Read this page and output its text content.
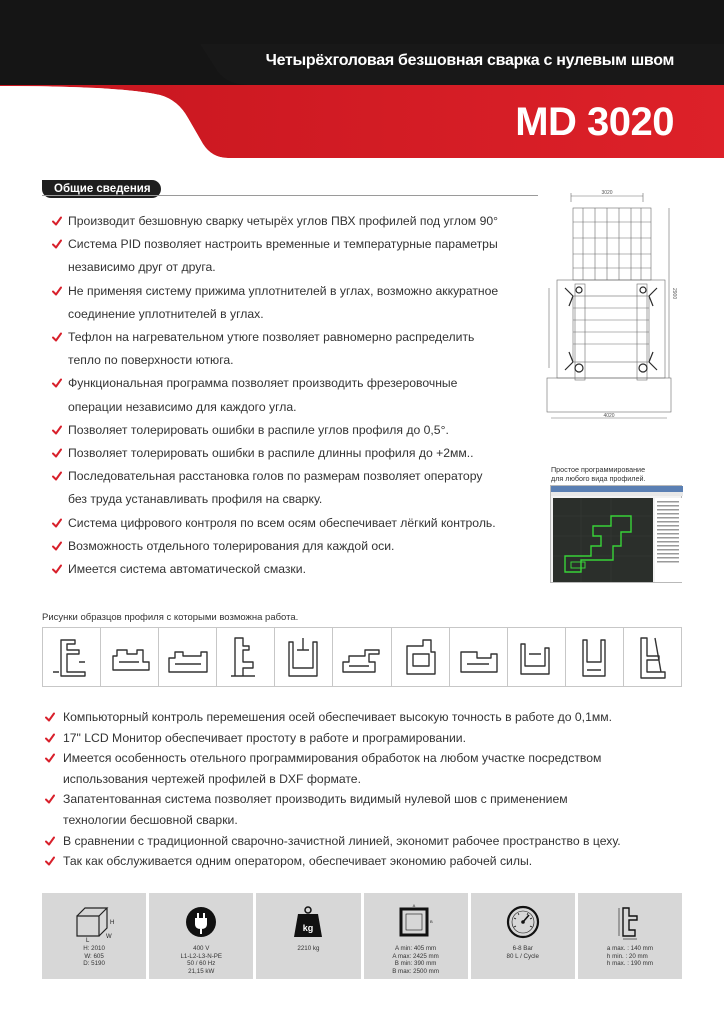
Четырёхголовая безшовная сварка с нулевым швом
MD 3020
Общие сведения
Производит безшовную сварку четырёх углов ПВХ профилей под углом 90°
Система PID позволяет настроить временные и температурные параметры
независимо друг от друга.
Не применяя систему прижима уплотнителей в углах, возможно аккуратное
соединение уплотнителей в углах.
Тефлон на нагревательном утюге позволяет равномерно распределить
тепло по поверхности ютюга.
Функциональная программа позволяет производить фрезеровочные
операции независимо для каждого угла.
Позволяет толерировать ошибки в распиле углов профиля до 0,5°.
Позволяет толерировать ошибки в распиле длинны профиля до +2мм..
Последовательная расстановка голов по размерам позволяет оператору
без труда устанавливать профиля на сварку.
Система цифрового контроля по всем осям обеспечивает лёгкий контроль.
Возможность отдельного толерирования для каждой оси.
Имеется система автоматической смазки.
3020
2900
4020
Простое программирование
для любого вида профилей.
Рисунки образцов профиля с которыми возможна работа.
Компьюторный контроль перемешения осей обеспечивает высокую точность в работе до 0,1мм.
17" LCD Монитор обеспечивает простоту в работе и програмировании.
Имеется особенность отельного программирования обработок на любом участке посредством
использования чертежей профилей в DXF формате.
Запатентованная система позволяет производить видимый нулевой шов с применением
технологии бесшовной сварки.
В сравнении с традиционной сварочно-зачистной линией, экономит рабочее пространство в цеху.
Так как обслуживается одним оператором, обеспечивает экономию рабочей силы.
H
L
W
H: 2010
W: 605
D: 5190
400 V
L1-L2-L3-N-PE
50 / 60 Hz
21,15 kW
kg
2210 kg
A
B
A min: 405 mm
A max: 2425 mm
B min: 390 mm
B max: 2500 mm
6-8 Bar
80 L / Cycle
a max. : 140 mm
h min. : 20 mm
h max. : 190 mm
